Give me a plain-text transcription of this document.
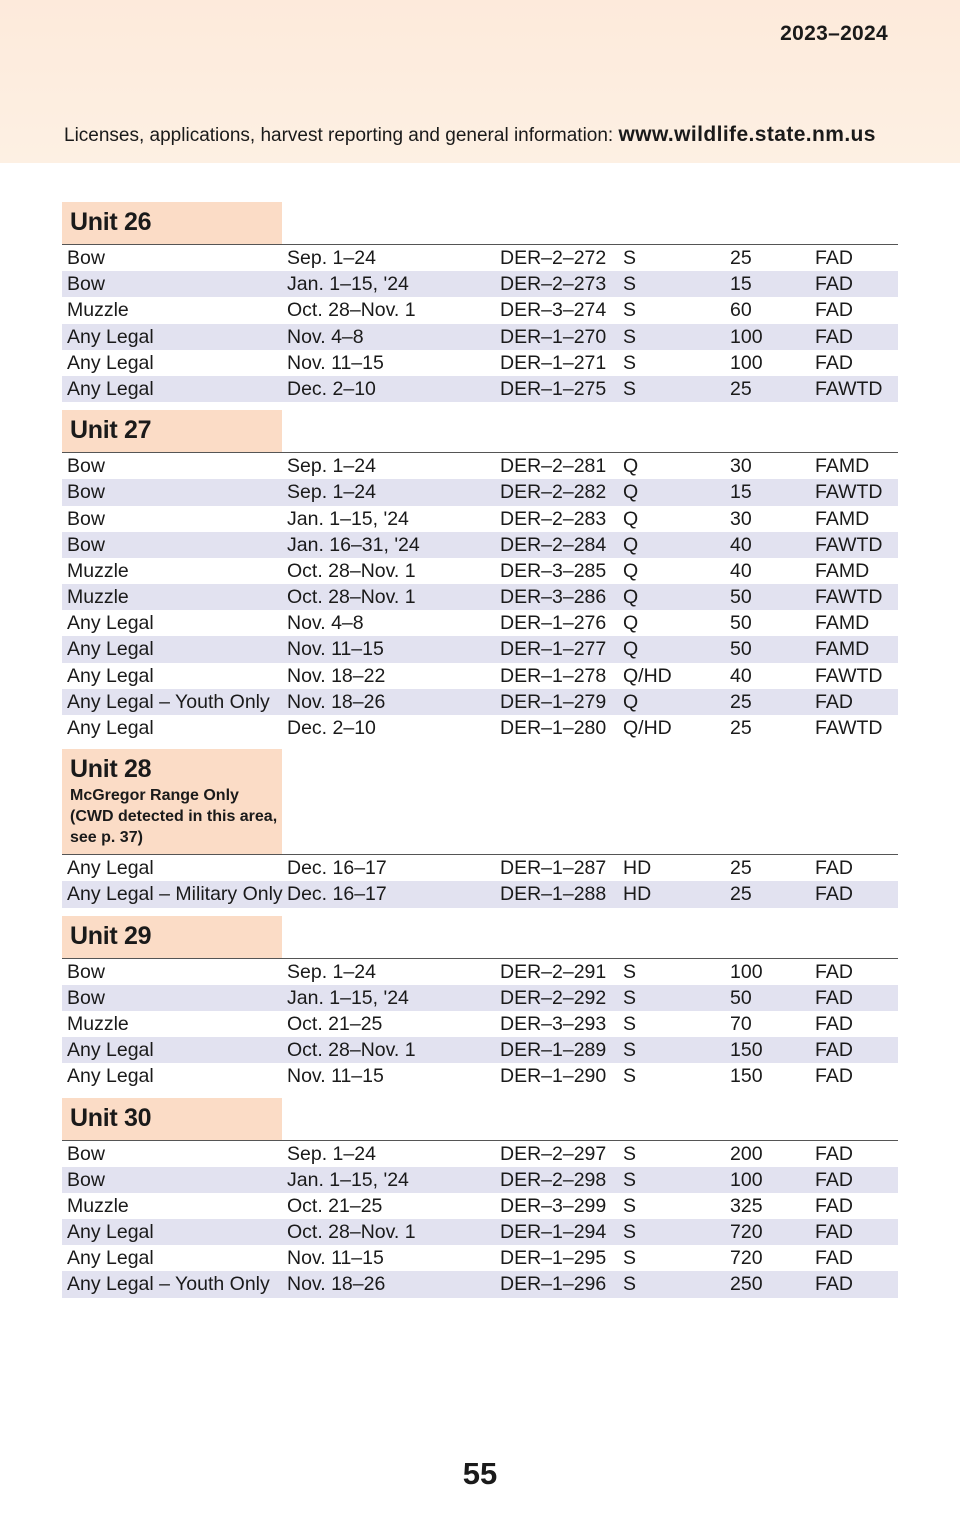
2023–2024
Licenses, applications, harvest reporting and general information: www.wildlife.state.nm.us
Unit 26
Bow	Sep. 1–24	DER–2–272 S	25	FAD
Bow	Jan. 1–15, '24	DER–2–273 S	15	FAD
Muzzle	Oct. 28–Nov. 1	DER–3–274 S	60	FAD
Any Legal	Nov. 4–8	DER–1–270 S	100	FAD
Any Legal	Nov. 11–15	DER–1–271 S	100	FAD
Any Legal	Dec. 2–10	DER–1–275 S	25	FAWTD
Unit 27
Bow	Sep. 1–24	DER–2–281 Q	30	FAMD
Bow	Sep. 1–24	DER–2–282 Q	15	FAWTD
Bow	Jan. 1–15, '24	DER–2–283 Q	30	FAMD
Bow	Jan. 16–31, '24	DER–2–284 Q	40	FAWTD
Muzzle	Oct. 28–Nov. 1	DER–3–285 Q	40	FAMD
Muzzle	Oct. 28–Nov. 1	DER–3–286 Q	50	FAWTD
Any Legal	Nov. 4–8	DER–1–276 Q	50	FAMD
Any Legal	Nov. 11–15	DER–1–277 Q	50	FAMD
Any Legal	Nov. 18–22	DER–1–278 Q/HD	40	FAWTD
Any Legal – Youth Only Nov. 18–26	DER–1–279 Q	25	FAD
Any Legal	Dec. 2–10	DER–1–280 Q/HD	25	FAWTD
Unit 28
McGregor Range Only
(CWD detected in this area,
see p. 37)
Any Legal	Dec. 16–17	DER–1–287 HD	25	FAD
Any Legal – Military Only Dec. 16–17	DER–1–288 HD	25	FAD
Unit 29
Bow	Sep. 1–24	DER–2–291 S	100	FAD
Bow	Jan. 1–15, '24	DER–2–292 S	50	FAD
Muzzle	Oct. 21–25	DER–3–293 S	70	FAD
Any Legal	Oct. 28–Nov. 1	DER–1–289 S	150	FAD
Any Legal	Nov. 11–15	DER–1–290 S	150	FAD
Unit 30
Bow	Sep. 1–24	DER–2–297 S	200	FAD
Bow	Jan. 1–15, '24	DER–2–298 S	100	FAD
Muzzle	Oct. 21–25	DER–3–299 S	325	FAD
Any Legal	Oct. 28–Nov. 1	DER–1–294 S	720	FAD
Any Legal	Nov. 11–15	DER–1–295 S	720	FAD
Any Legal – Youth Only Nov. 18–26	DER–1–296 S	250	FAD
55
